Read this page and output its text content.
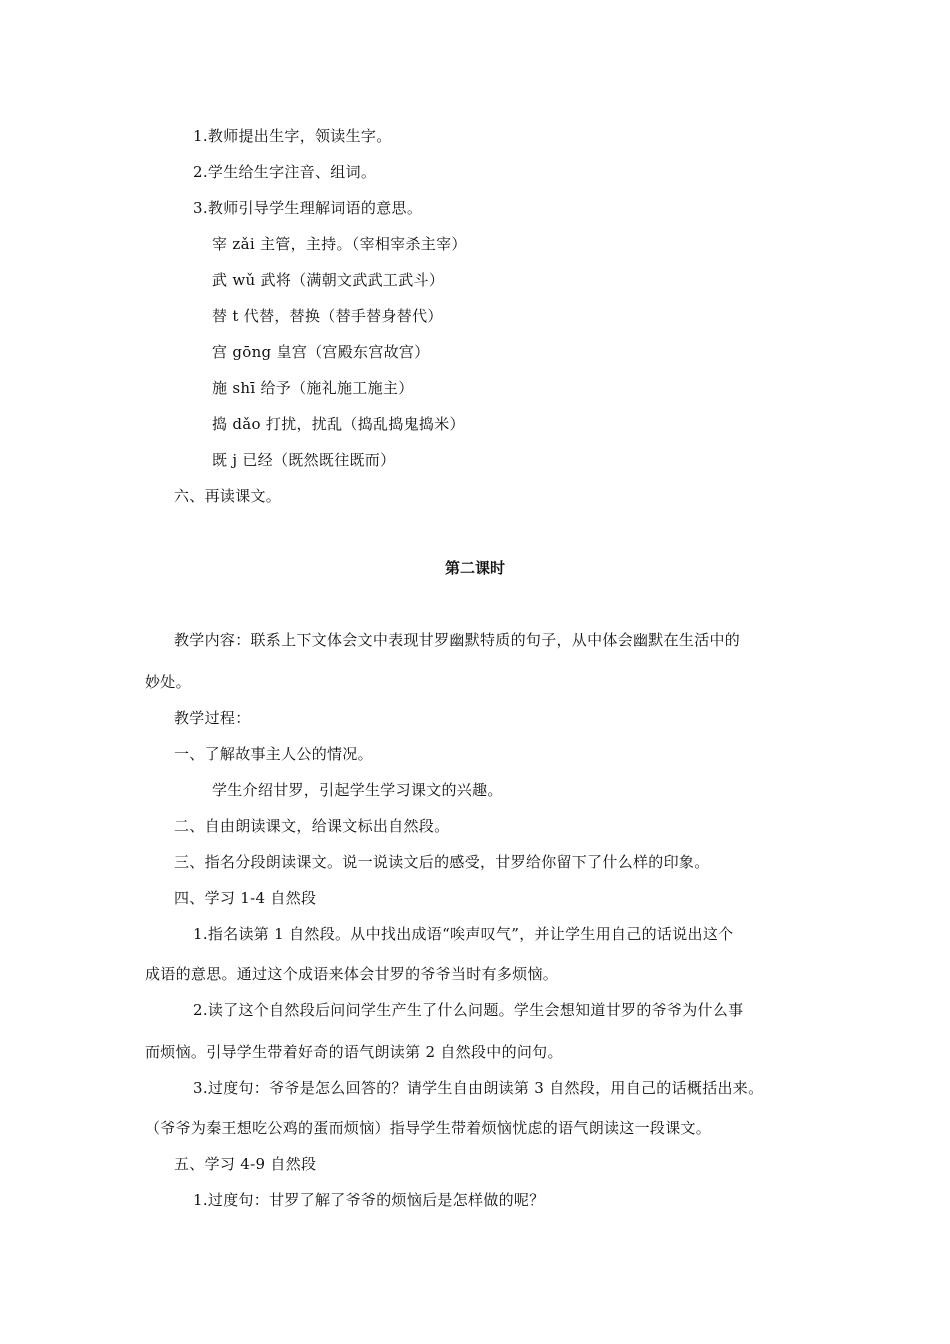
1.教师提出生字，领读生字。
2.学生给生字注音、组词。
3.教师引导学生理解词语的意思。
宰 zǎi 主管，主持。（宰相宰杀主宰）
武 wǔ 武将（满朝文武武工武斗）
替 t 代替，替换（替手替身替代）
宫 gōng 皇宫（宫殿东宫故宫）
施 shī 给予（施礼施工施主）
捣 dǎo 打扰，扰乱（捣乱捣鬼捣米）
既 j 已经（既然既往既而）
六、再读课文。
第二课时
教学内容：联系上下文体会文中表现甘罗幽默特质的句子，从中体会幽默在生活中的
妙处。
教学过程：
一、了解故事主人公的情况。
学生介绍甘罗，引起学生学习课文的兴趣。
二、自由朗读课文，给课文标出自然段。
三、指名分段朗读课文。说一说读文后的感受，甘罗给你留下了什么样的印象。
四、学习 1-4 自然段
1.指名读第 1 自然段。从中找出成语“唉声叹气”，并让学生用自己的话说出这个
成语的意思。通过这个成语来体会甘罗的爷爷当时有多烦恼。
2.读了这个自然段后问问学生产生了什么问题。学生会想知道甘罗的爷爷为什么事
而烦恼。引导学生带着好奇的语气朗读第 2 自然段中的问句。
3.过度句：爷爷是怎么回答的？请学生自由朗读第 3 自然段，用自己的话概括出来。
（爷爷为秦王想吃公鸡的蛋而烦恼）指导学生带着烦恼忧虑的语气朗读这一段课文。
五、学习 4-9 自然段
1.过度句：甘罗了解了爷爷的烦恼后是怎样做的呢？
